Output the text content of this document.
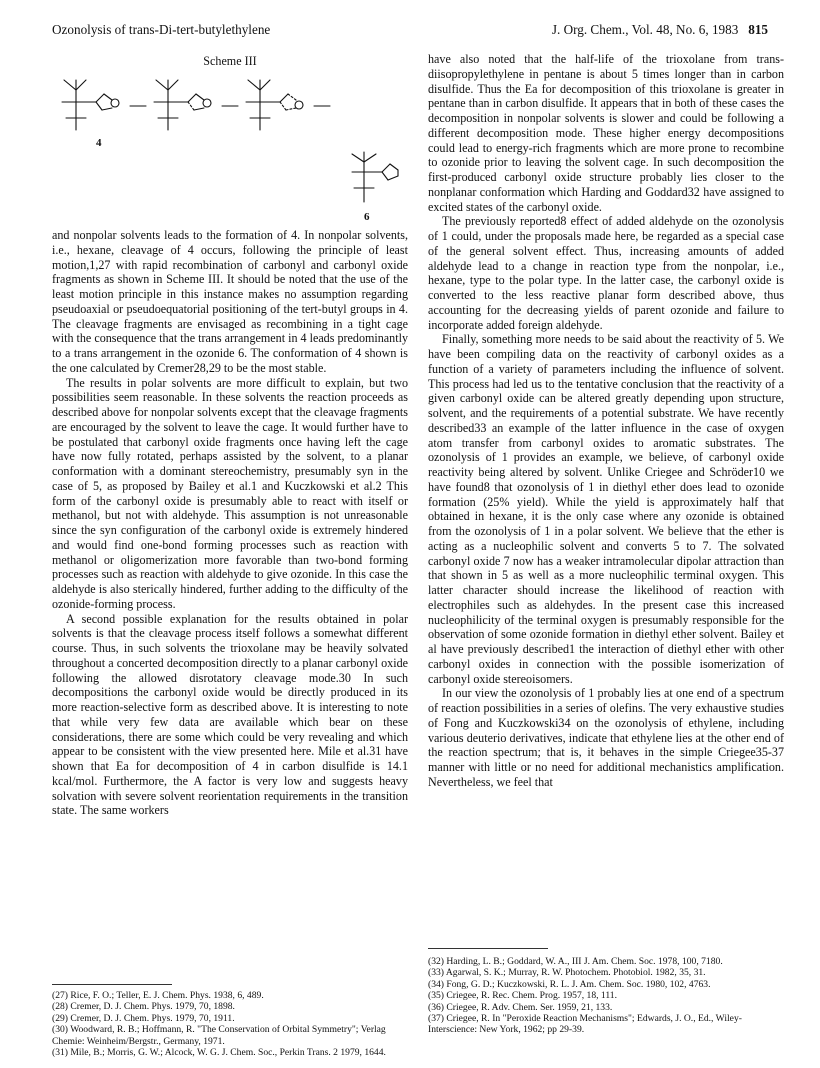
Ozonolysis of trans-Di-tert-butylethylene	J. Org. Chem., Vol. 48, No. 6, 1983 815
Scheme III
4
6

and nonpolar solvents leads to the formation of 4. In nonpolar solvents, i.e., hexane, cleavage of 4 occurs, following the principle of least motion,1,27 with rapid recombination of carbonyl and carbonyl oxide fragments as shown in Scheme III. It should be noted that the use of the least motion principle in this instance makes no assumption regarding pseudoaxial or pseudoequatorial positioning of the tert-butyl groups in 4. The cleavage fragments are envisaged as recombining in a tight cage with the consequence that the trans arrangement in 4 leads predominantly to a trans arrangement in the ozonide 6. The conformation of 4 shown is the one calculated by Cremer28,29 to be the most stable.

The results in polar solvents are more difficult to explain, but two possibilities seem reasonable. In these solvents the reaction proceeds as described above for nonpolar solvents except that the cleavage fragments are encouraged by the solvent to leave the cage. It would further have to be postulated that carbonyl oxide fragments once having left the cage have now fully rotated, perhaps assisted by the solvent, to a planar conformation with a dominant stereochemistry, presumably syn in the case of 5, as proposed by Bailey et al.1 and Kuczkowski et al.2 This form of the carbonyl oxide is presumably able to react with itself or methanol, but not with aldehyde. This assumption is not unreasonable since the syn configuration of the carbonyl oxide is extremely hindered and would find one-bond forming processes such as reaction with methanol or oligomerization more favorable than two-bond forming processes such as reaction with aldehyde to give ozonide. In this case the aldehyde is also sterically hindered, further adding to the difficulty of the ozonide-forming process.

A second possible explanation for the results obtained in polar solvents is that the cleavage process itself follows a somewhat different course. Thus, in such solvents the trioxolane may be heavily solvated throughout a concerted decomposition directly to a planar carbonyl oxide following the allowed disrotatory cleavage mode.30 In such decompositions the carbonyl oxide would be directly produced in its more reaction-selective form as described above. It is interesting to note that while very few data are available which bear on these considerations, there are some which could be very revealing and which appear to be consistent with the view presented here. Mile et al.31 have shown that Ea for decomposition of 4 in carbon disulfide is 14.1 kcal/mol. Furthermore, the A factor is very low and suggests heavy solvation with severe solvent reorientation requirements in the transition state. The same workers

have also noted that the half-life of the trioxolane from trans-diisopropylethylene in pentane is about 5 times longer than in carbon disulfide. Thus the Ea for decomposition of this trioxolane is greater in pentane than in carbon disulfide. It appears that in both of these cases the decomposition in nonpolar solvents is slower and could be following a different decomposition mode. These higher energy decompositions could lead to energy-rich fragments which are more prone to recombine to ozonide prior to leaving the solvent cage. In such decomposition the first-produced carbonyl oxide structure probably lies closer to the nonplanar conformation which Harding and Goddard32 have assigned to excited states of the carbonyl oxide.

The previously reported8 effect of added aldehyde on the ozonolysis of 1 could, under the proposals made here, be regarded as a special case of the general solvent effect. Thus, increasing amounts of added aldehyde lead to a change in reaction type from the nonpolar, i.e., hexane, type to the polar type. In the latter case, the carbonyl oxide is converted to the less reactive planar form described above, thus accounting for the decreasing yields of parent ozonide and failure to incorporate added foreign aldehyde.

Finally, something more needs to be said about the reactivity of 5. We have been compiling data on the reactivity of carbonyl oxides as a function of a variety of parameters including the influence of solvent. This process had led us to the tentative conclusion that the reactivity of a given carbonyl oxide can be altered greatly depending upon structure, solvent, and the requirements of a potential substrate. We have recently described33 an example of the latter influence in the case of oxygen atom transfer from carbonyl oxides to aromatic substrates. The ozonolysis of 1 provides an example, we believe, of carbonyl oxide reactivity being altered by solvent. Unlike Criegee and Schröder10 we have found8 that ozonolysis of 1 in diethyl ether does lead to ozonide formation (25% yield). While the yield is approximately half that obtained in hexane, it is the only case where any ozonide is obtained from the ozonolysis of 1 in a polar solvent. We believe that the ether is acting as a nucleophilic solvent and converts 5 to 7. The solvated carbonyl oxide 7 now has a weaker intramolecular dipolar attraction than that shown in 5 as well as a more nucleophilic terminal oxygen. This latter character should increase the likelihood of reaction with electrophiles such as aldehydes. In the present case this increased nucleophilicity of the terminal oxygen is presumably responsible for the observation of some ozonide formation in diethyl ether solvent. Bailey et al have previously described1 the interaction of diethyl ether with other carbonyl oxides in connection with the possible isomerization of carbonyl oxide stereoisomers.

In our view the ozonolysis of 1 probably lies at one end of a spectrum of reaction possibilities in a series of olefins. The very exhaustive studies of Fong and Kuczkowski34 on the ozonolysis of ethylene, including various deuterio derivatives, indicate that ethylene lies at the other end of the reaction spectrum; that is, it behaves in the simple Criegee35-37 manner with little or no need for additional mechanistics amplification. Nevertheless, we feel that

(27) Rice, F. O.; Teller, E. J. Chem. Phys. 1938, 6, 489.

(28) Cremer, D. J. Chem. Phys. 1979, 70, 1898.

(29) Cremer, D. J. Chem. Phys. 1979, 70, 1911.

(30) Woodward, R. B.; Hoffmann, R. "The Conservation of Orbital Symmetry"; Verlag Chemie: Weinheim/Bergstr., Germany, 1971.

(31) Mile, B.; Morris, G. W.; Alcock, W. G. J. Chem. Soc., Perkin Trans. 2 1979, 1644.

(32) Harding, L. B.; Goddard, W. A., III J. Am. Chem. Soc. 1978, 100, 7180.

(33) Agarwal, S. K.; Murray, R. W. Photochem. Photobiol. 1982, 35, 31.

(34) Fong, G. D.; Kuczkowski, R. L. J. Am. Chem. Soc. 1980, 102, 4763.

(35) Criegee, R. Rec. Chem. Prog. 1957, 18, 111.

(36) Criegee, R. Adv. Chem. Ser. 1959, 21, 133.

(37) Criegee, R. In "Peroxide Reaction Mechanisms"; Edwards, J. O., Ed., Wiley-Interscience: New York, 1962; pp 29-39.
